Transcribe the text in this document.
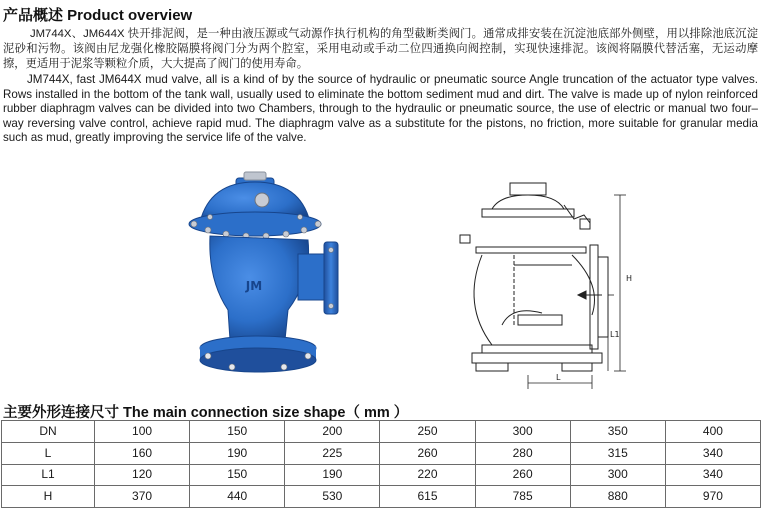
产品概述 Product overview
JM744X、JM644X 快开排泥阀，是一种由液压源或气动源作执行机构的角型截断类阀门。通常成排安装在沉淀池底部外侧壁，用以排除池底沉淀泥砂和污物。该阀由尼龙强化橡胶隔膜将阀门分为两个腔室，采用电动或手动二位四通换向阀控制，实现快速排泥。该阀将隔膜代替活塞，无运动摩擦，更适用于泥浆等颗粒介质，大大提高了阀门的使用寿命。
JM744X, fast JM644X mud valve, all is a kind of by the source of hydraulic or pneumatic source Angle truncation of the actuator type valves. Rows installed in the bottom of the tank wall, usually used to eliminate the bottom sediment mud and dirt. The valve is made up of nylon reinforced rubber diaphragm valves can be divided into two Chambers, through to the hydraulic or pneumatic source, the use of electric or manual two four–way reversing valve control, achieve rapid mud. The diaphragm valve as a substitute for the pistons, no friction, more suitable for granular media such as mud, greatly improving the service life of the valve.
JM
H
L1
L
主要外形连接尺寸 The main connection size shape（ mm ）
DN	100	150	200	250	300	350	400
L	160	190	225	260	280	315	340
L1	120	150	190	220	260	300	340
H	370	440	530	615	785	880	970
